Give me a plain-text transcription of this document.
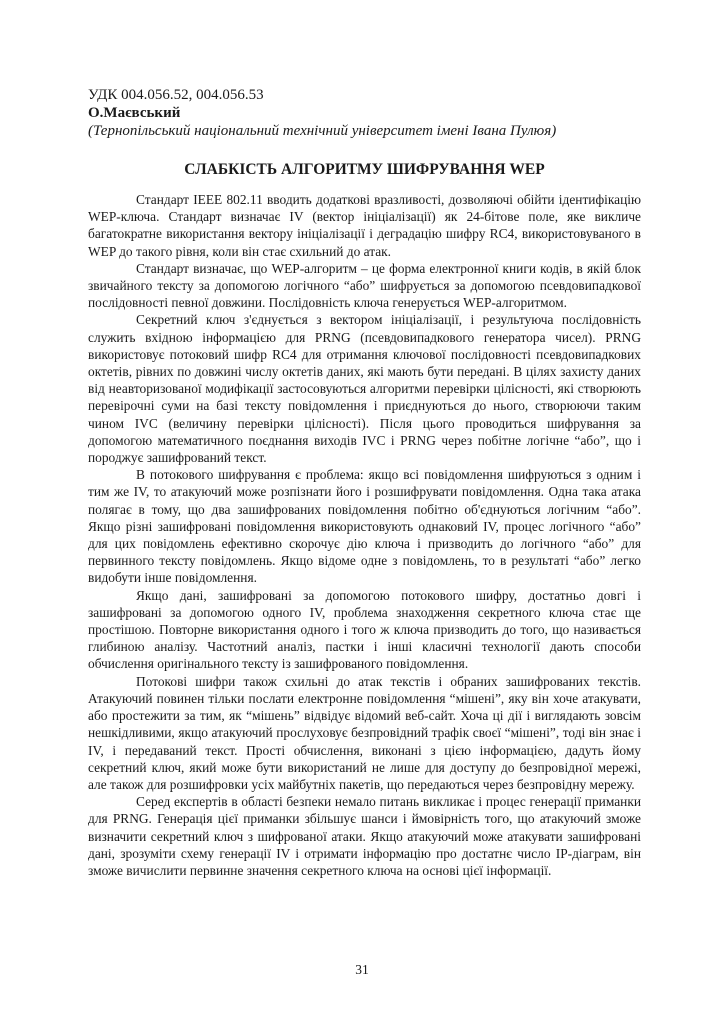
УДК 004.056.52, 004.056.53

О.Маєвський

(Тернопільський національний технічний університет імені Івана Пулюя)

СЛАБКІСТЬ АЛГОРИТМУ ШИФРУВАННЯ WEP

Стандарт IEEE 802.11 вводить додаткові вразливості, дозволяючі обійти ідентифікацію WEP-ключа. Стандарт визначає IV (вектор ініціалізації) як 24-бітове поле, яке викличе багатократне використання вектору ініціалізації і деградацію шифру RC4, використовуваного в WEP до такого рівня, коли він стає схильний до атак.

Стандарт визначає, що WEP-алгоритм – це форма електронної книги кодів, в якій блок звичайного тексту за допомогою логічного “або” шифрується за допомогою псевдовипадкової послідовності певної довжини. Послідовність ключа генерується WEP-алгоритмом.

Секретний ключ з'єднується з вектором ініціалізації, і результуюча послідовність служить вхідною інформацією для PRNG (псевдовипадкового генератора чисел). PRNG використовує потоковий шифр RC4 для отримання ключової послідовності псевдовипадкових октетів, рівних по довжині числу октетів даних, які мають бути передані. В цілях захисту даних від неавторизованої модифікації застосовуються алгоритми перевірки цілісності, які створюють перевірочні суми на базі тексту повідомлення і приєднуються до нього, створюючи таким чином IVC (величину перевірки цілісності). Після цього проводиться шифрування за допомогою математичного поєднання виходів IVC і PRNG через побітне логічне “або”, що і породжує зашифрований текст.

В потокового шифрування є проблема: якщо всі повідомлення шифруються з одним і тим же IV, то атакуючий може розпізнати його і розшифрувати повідомлення. Одна така атака полягає в тому, що два зашифрованих повідомлення побітно об'єднуються логічним “або”. Якщо різні зашифровані повідомлення використовують однаковий IV, процес логічного “або” для цих повідомлень ефективно скорочує дію ключа і призводить до логічного “або” для первинного тексту повідомлень. Якщо відоме одне з повідомлень, то в результаті “або” легко видобути інше повідомлення.

Якщо дані, зашифровані за допомогою потокового шифру, достатньо довгі і зашифровані за допомогою одного IV, проблема знаходження секретного ключа стає ще простішою. Повторне використання одного і того ж ключа призводить до того, що називається глибиною аналізу. Частотний аналіз, пастки і інші класичні технології дають способи обчислення оригінального тексту із зашифрованого повідомлення.

Потокові шифри також схильні до атак текстів і обраних зашифрованих текстів. Атакуючий повинен тільки послати електронне повідомлення “мішені”, яку він хоче атакувати, або простежити за тим, як “мішень” відвідує відомий веб-сайт. Хоча ці дії і виглядають зовсім нешкідливими, якщо атакуючий прослуховує безпровідний трафік своєї “мішені”, тоді він знає і IV, і передаваний текст. Прості обчислення, виконані з цією інформацією, дадуть йому секретний ключ, який може бути використаний не лише для доступу до безпровідної мережі, але також для розшифровки усіх майбутніх пакетів, що передаються через безпровідну мережу.

Серед експертів в області безпеки немало питань викликає і процес генерації приманки для PRNG. Генерація цієї приманки збільшує шанси і ймовірність того, що атакуючий зможе визначити секретний ключ з шифрованої атаки. Якщо атакуючий може атакувати зашифровані дані, зрозуміти схему генерації IV і отримати інформацію про достатнє число IP-діаграм, він зможе вичислити первинне значення секретного ключа на основі цієї інформації.

31
